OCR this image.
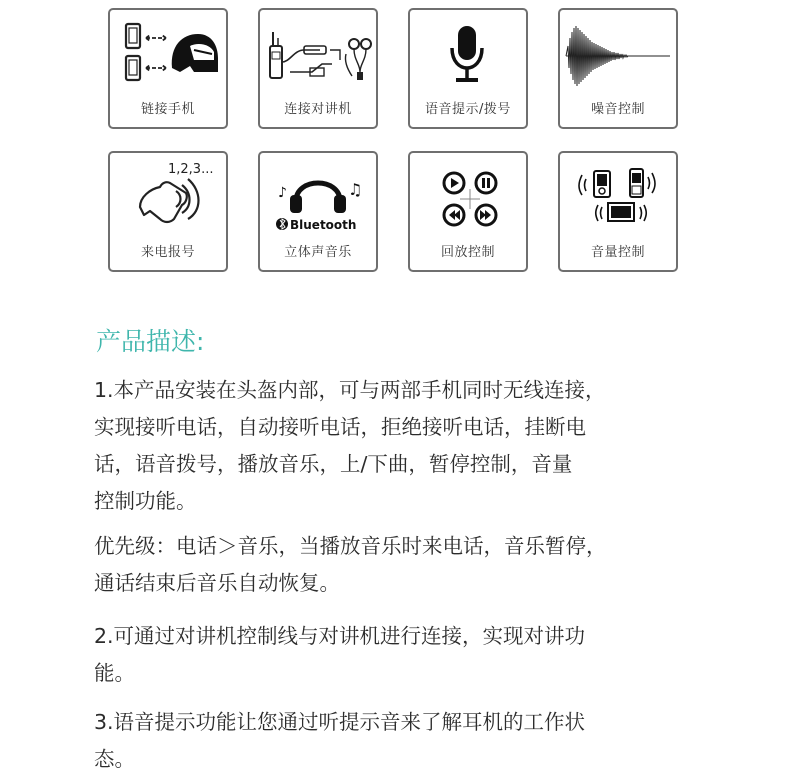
链接手机	连接对讲机	语音提示/拨号	噪音控制
1,2,3...
来电报号
♪	♫
Bluetooth
立体声音乐	回放控制	音量控制
产品描述:

1.本产品安装在头盔内部，可与两部手机同时无线连接，
实现接听电话，自动接听电话，拒绝接听电话，挂断电
话，语音拨号，播放音乐，上/下曲，暂停控制，音量
控制功能。

优先级：电话＞音乐，当播放音乐时来电话，音乐暂停，
通话结束后音乐自动恢复。

2.可通过对讲机控制线与对讲机进行连接，实现对讲功
能。

3.语音提示功能让您通过听提示音来了解耳机的工作状
态。
